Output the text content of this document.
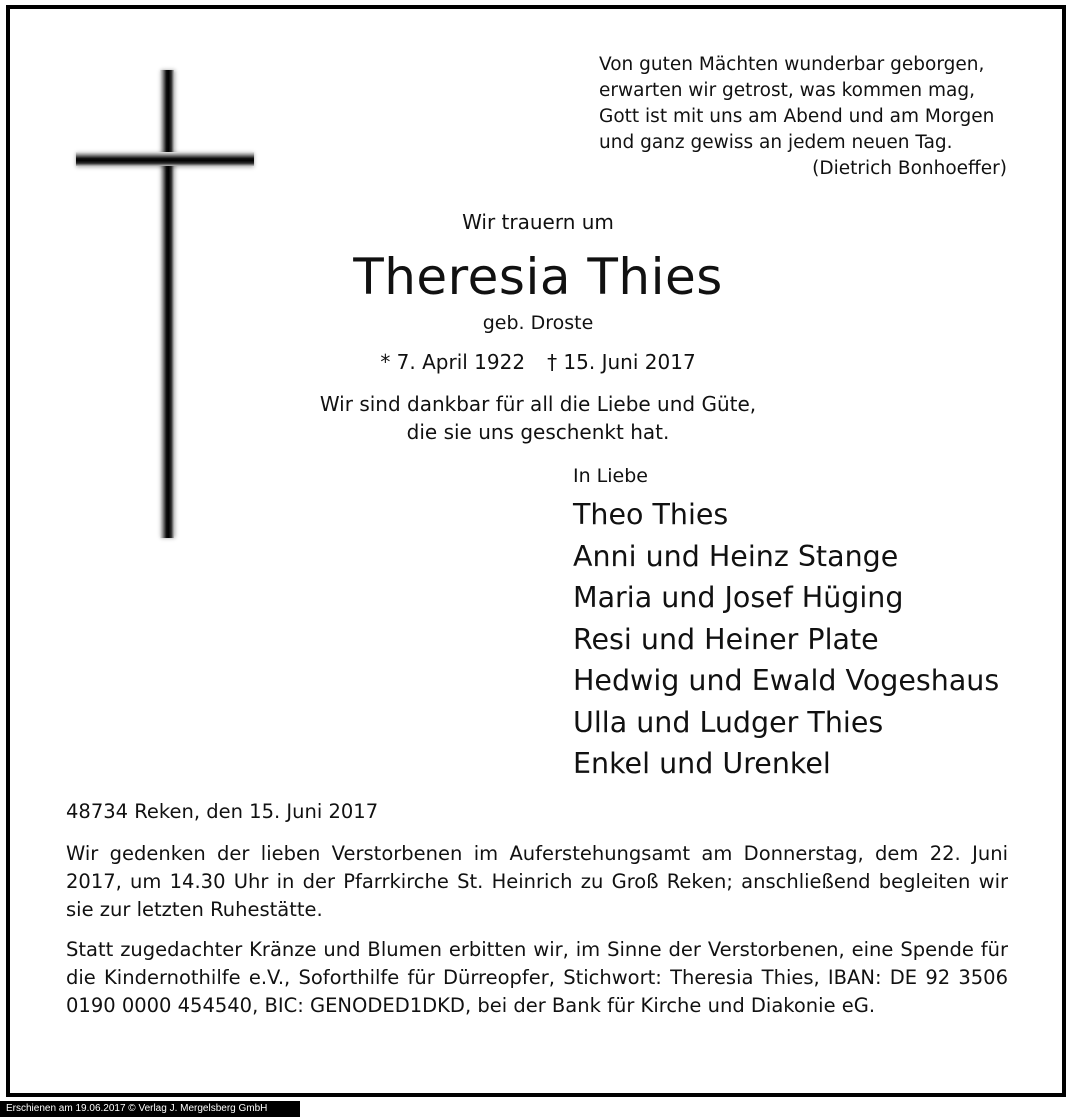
Von guten Mächten wunderbar geborgen,
erwarten wir getrost, was kommen mag,
Gott ist mit uns am Abend und am Morgen
und ganz gewiss an jedem neuen Tag.
(Dietrich Bonhoeffer)
Wir trauern um
Theresia Thies
geb. Droste
* 7. April 1922 † 15. Juni 2017
Wir sind dankbar für all die Liebe und Güte,
die sie uns geschenkt hat.
In Liebe
Theo Thies
Anni und Heinz Stange
Maria und Josef Hüging
Resi und Heiner Plate
Hedwig und Ewald Vogeshaus
Ulla und Ludger Thies
Enkel und Urenkel
48734 Reken, den 15. Juni 2017
Wir gedenken der lieben Verstorbenen im Auferstehungsamt am Donnerstag, dem 22. Juni 2017, um 14.30 Uhr in der Pfarrkirche St. Heinrich zu Groß Reken; anschließend begleiten wir sie zur letzten Ruhestätte.
Statt zugedachter Kränze und Blumen erbitten wir, im Sinne der Verstorbenen, eine Spende für die Kindernothilfe e.V., Soforthilfe für Dürreopfer, Stichwort: Theresia Thies, IBAN: DE 92 3506 0190 0000 454540, BIC: GENODED1DKD, bei der Bank für Kirche und Diakonie eG.
Erschienen am 19.06.2017 © Verlag J. Mergelsberg GmbH
